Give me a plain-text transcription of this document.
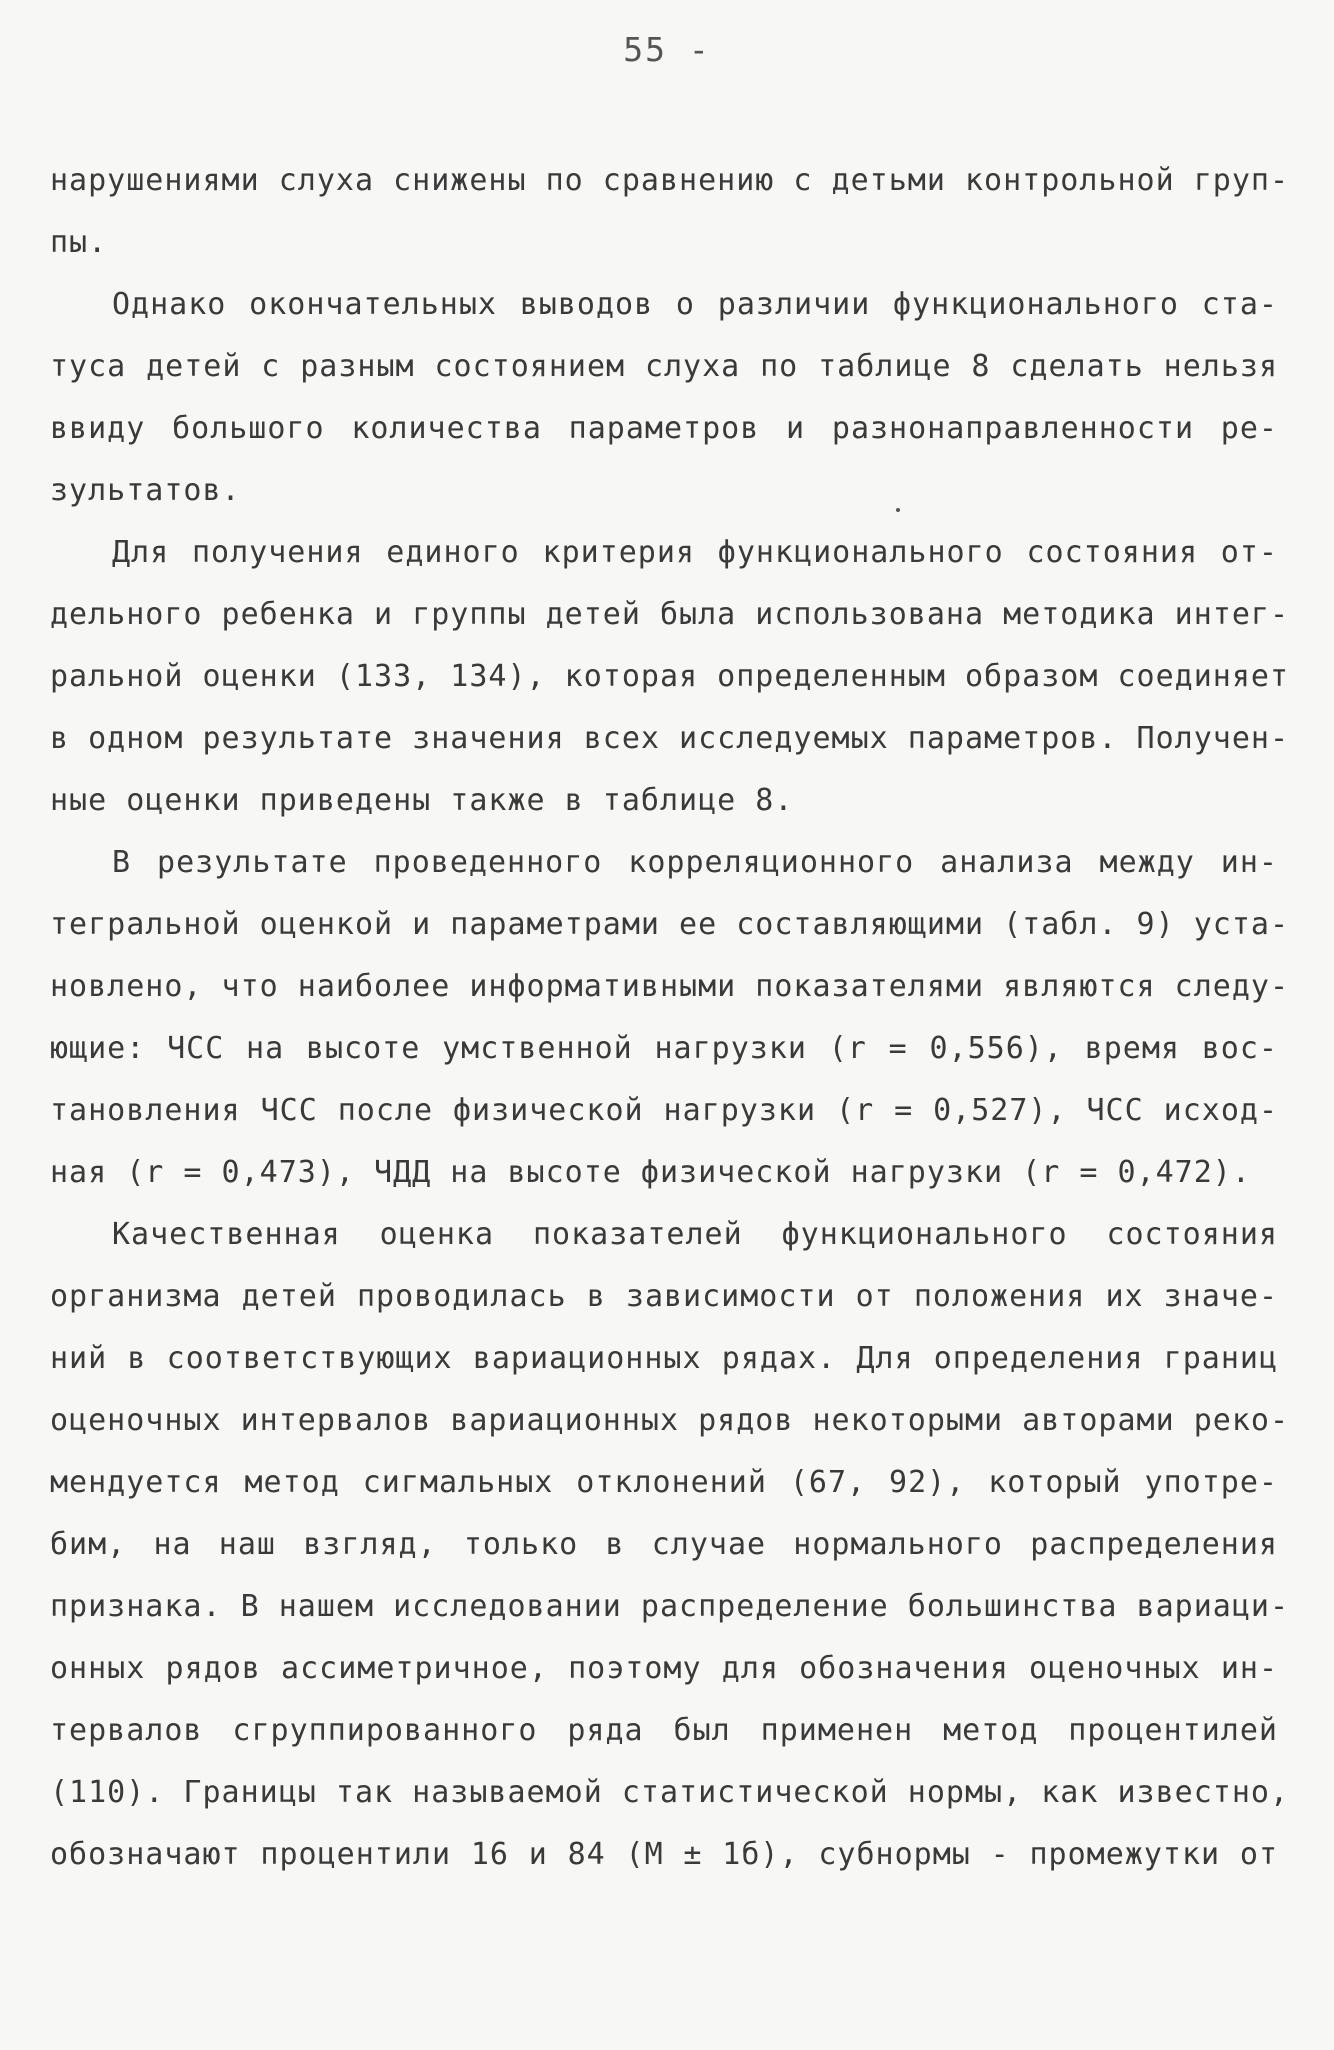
55 -
нарушениями слуха снижены по сравнению с детьми контрольной груп-
пы.
Однако окончательных выводов о различии функционального ста-
туса детей с разным состоянием слуха по таблице 8 сделать нельзя
ввиду большого количества параметров и разнонаправленности ре-
зультатов.
Для получения единого критерия функционального состояния от-
дельного ребенка и группы детей была использована методика интег-
ральной оценки (133, 134), которая определенным образом соединяет
в одном результате значения всех исследуемых параметров. Получен-
ные оценки приведены также в таблице 8.
В результате проведенного корреляционного анализа между ин-
тегральной оценкой и параметрами ее составляющими (табл. 9) уста-
новлено, что наиболее информативными показателями являются следу-
ющие: ЧСС на высоте умственной нагрузки (r = 0,556), время вос-
тановления ЧСС после физической нагрузки (r = 0,527), ЧСС исход-
ная (r = 0,473), ЧДД на высоте физической нагрузки (r = 0,472).
Качественная оценка показателей функционального состояния
организма детей проводилась в зависимости от положения их значе-
ний в соответствующих вариационных рядах. Для определения границ
оценочных интервалов вариационных рядов некоторыми авторами реко-
мендуется метод сигмальных отклонений (67, 92), который употре-
бим, на наш взгляд, только в случае нормального распределения
признака. В нашем исследовании распределение большинства вариаци-
онных рядов ассиметричное, поэтому для обозначения оценочных ин-
тервалов сгруппированного ряда был применен метод процентилей
(110). Границы так называемой статистической нормы, как известно,
обозначают процентили 16 и 84 (M ± 1б), субнормы - промежутки от
